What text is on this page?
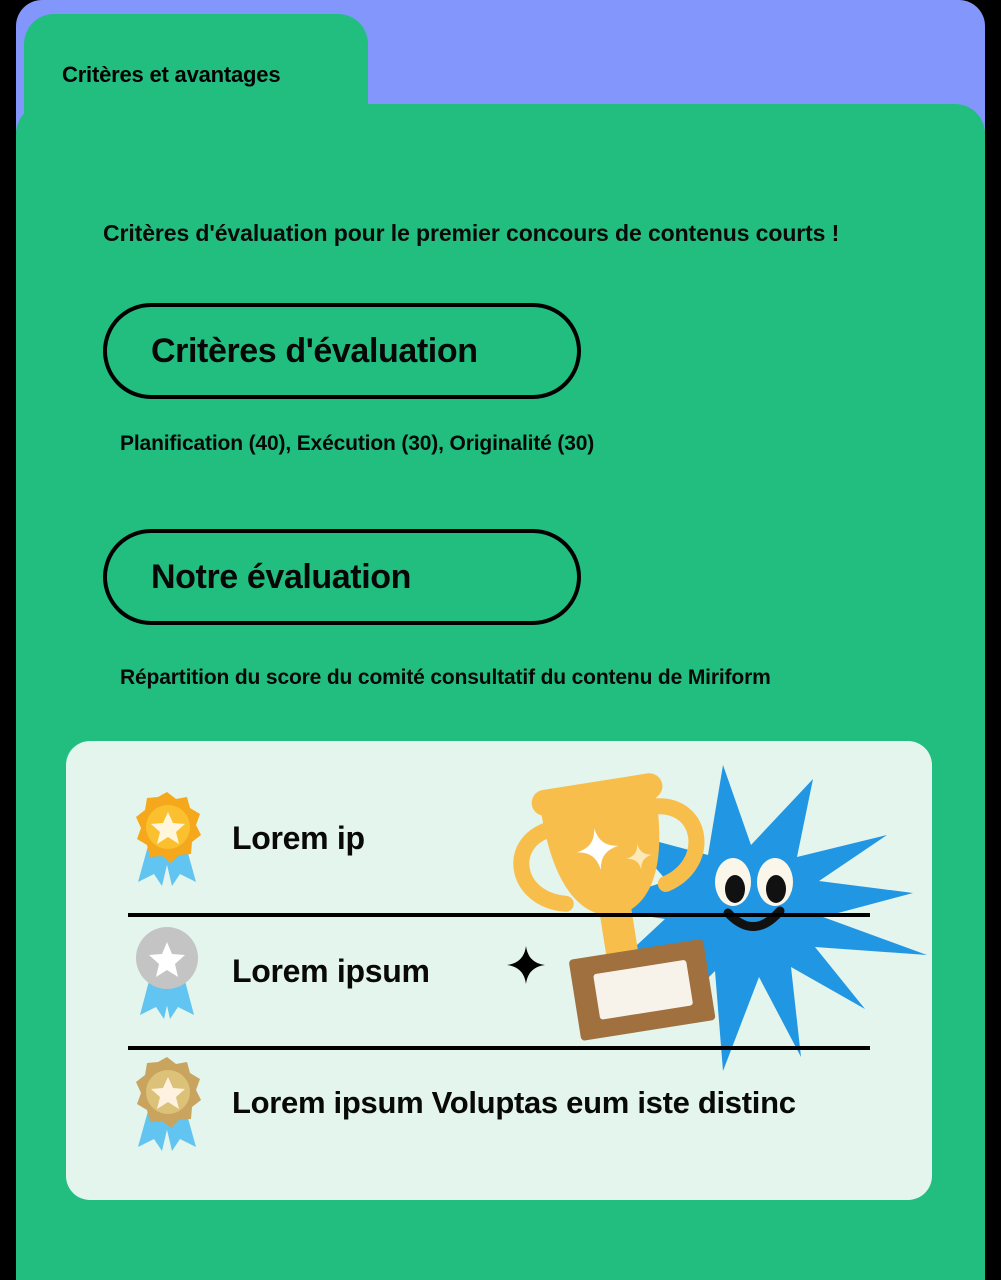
Critères et avantages
Critères d'évaluation pour le premier concours de contenus courts !
Critères d'évaluation
Planification (40), Exécution (30), Originalité (30)
Notre évaluation
Répartition du score du comité consultatif du contenu de Miriform
Lorem ip
Lorem ipsum
Lorem ipsum Voluptas eum iste distinc
